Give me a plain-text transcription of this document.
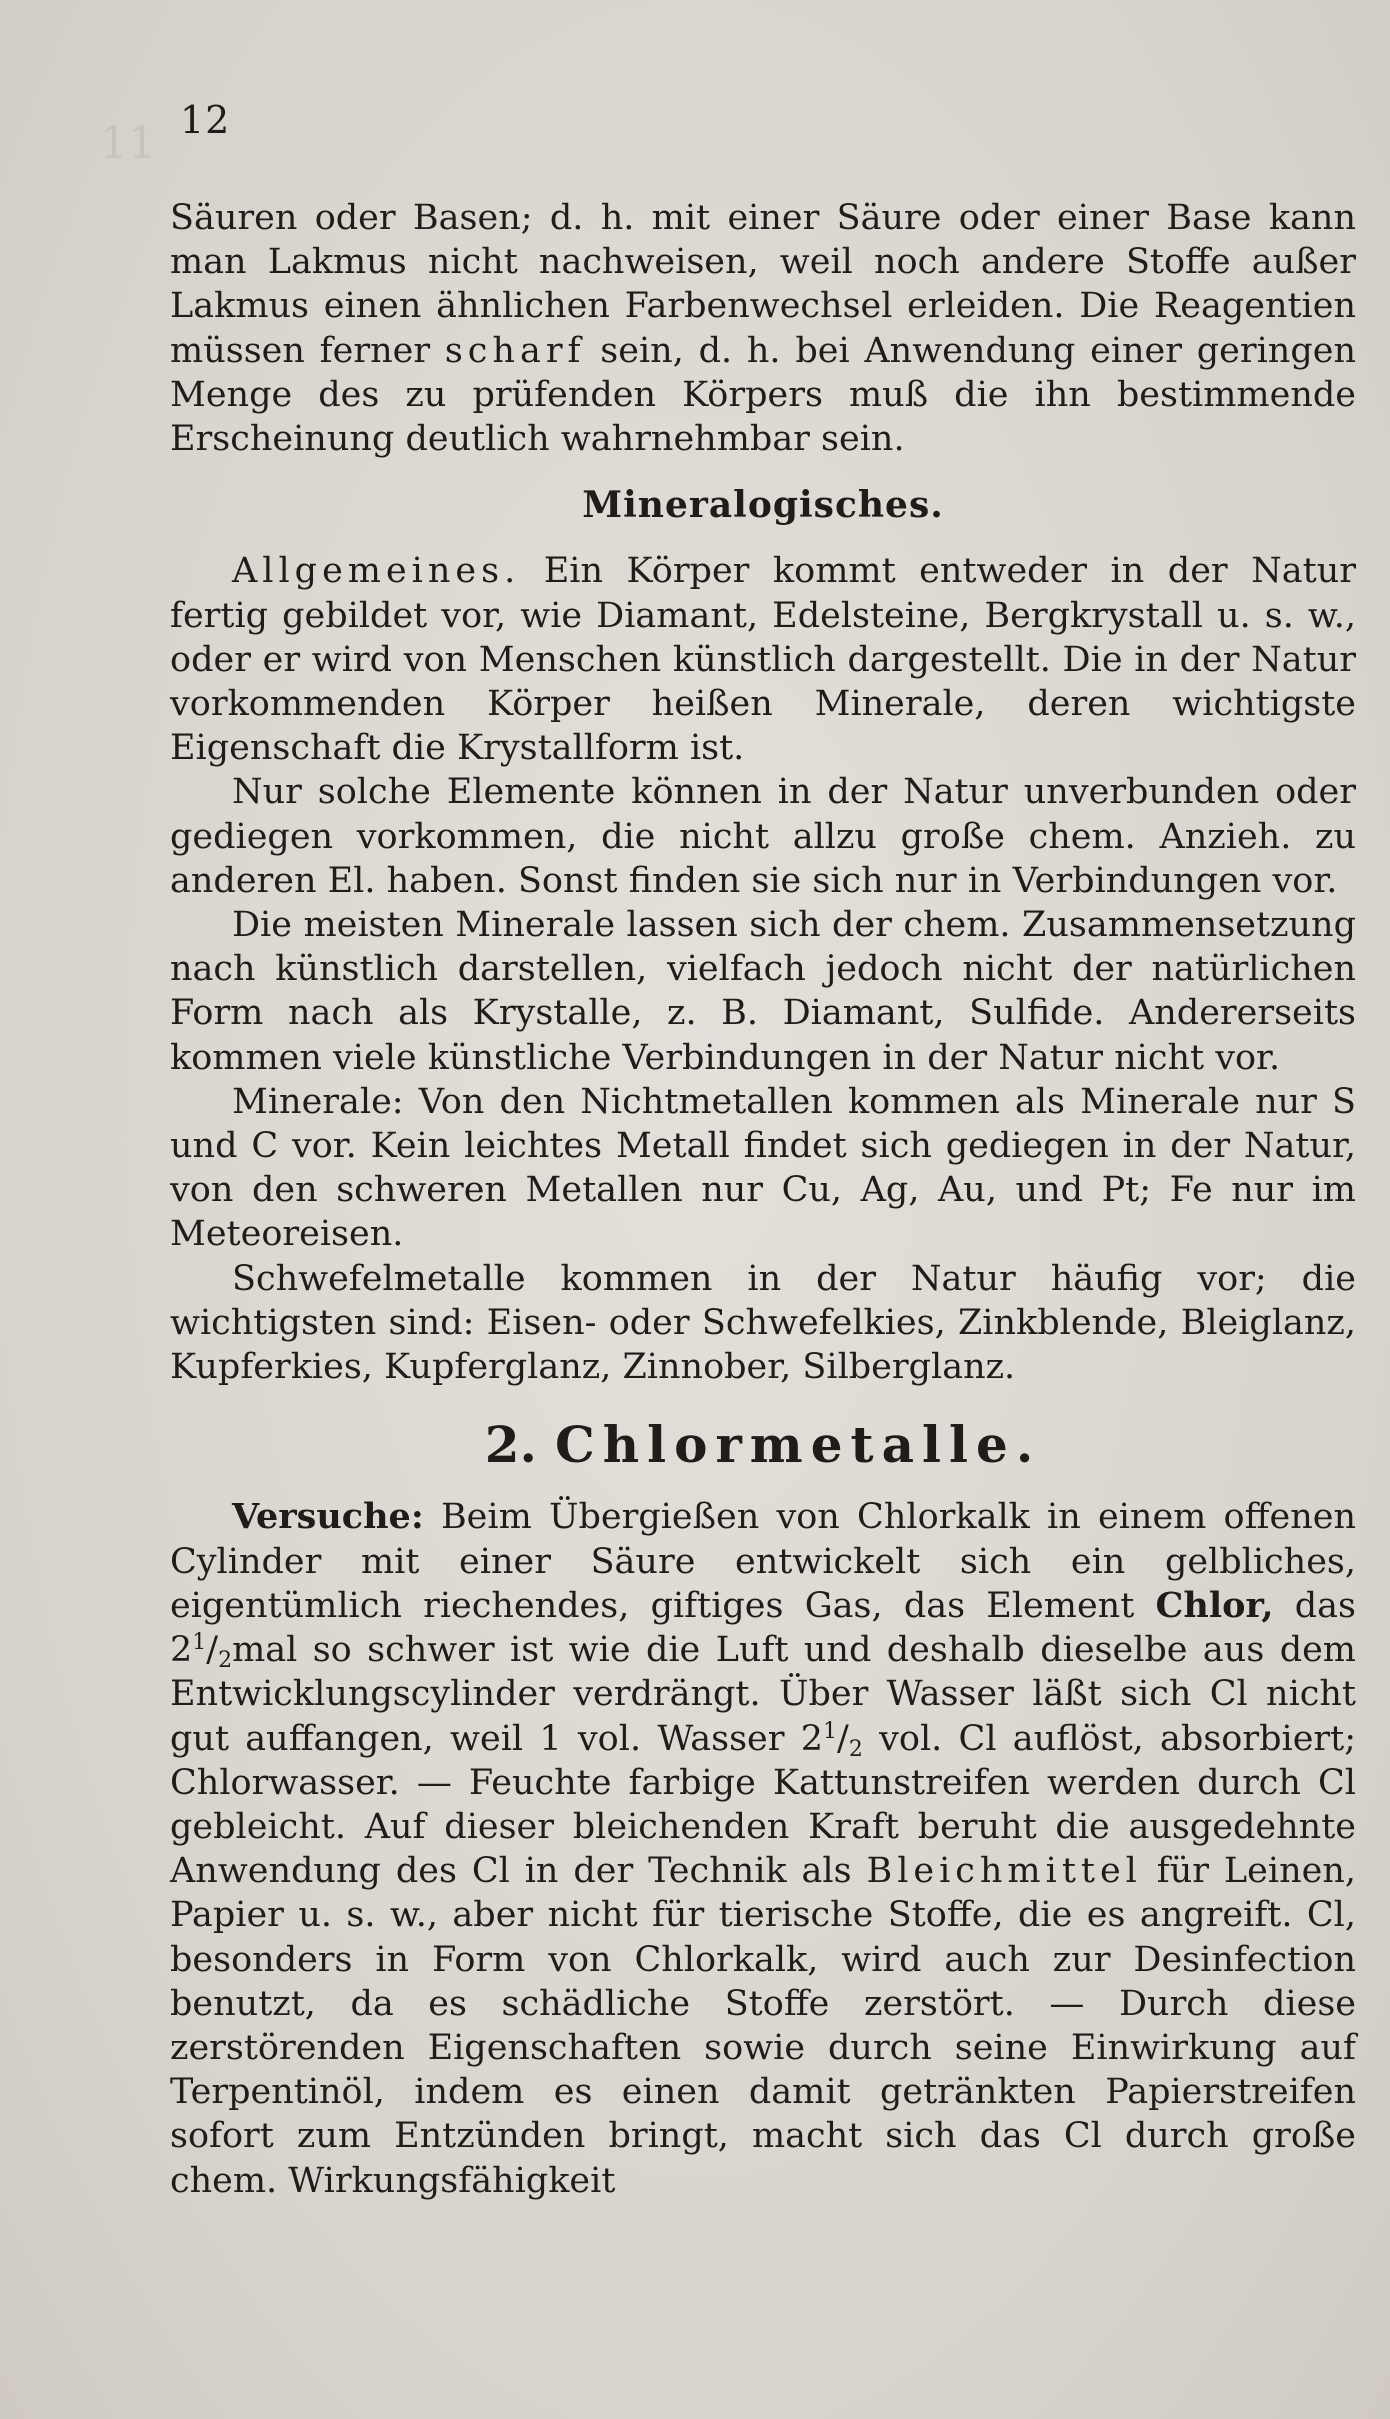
11 12

Säuren oder Basen; d. h. mit einer Säure oder einer Base kann man Lakmus nicht nachweisen, weil noch andere Stoffe außer Lakmus einen ähnlichen Farbenwechsel erleiden. Die Reagentien müssen ferner scharf sein, d. h. bei Anwendung einer geringen Menge des zu prüfenden Körpers muß die ihn bestimmende Erscheinung deutlich wahrnehmbar sein.

Mineralogisches.

Allgemeines. Ein Körper kommt entweder in der Natur fertig gebildet vor, wie Diamant, Edelsteine, Bergkrystall u. s. w., oder er wird von Menschen künstlich dargestellt. Die in der Natur vorkommenden Körper heißen Minerale, deren wichtigste Eigenschaft die Krystallform ist.

Nur solche Elemente können in der Natur unverbunden oder gediegen vorkommen, die nicht allzu große chem. Anzieh. zu anderen El. haben. Sonst finden sie sich nur in Verbindungen vor.

Die meisten Minerale lassen sich der chem. Zusammensetzung nach künstlich darstellen, vielfach jedoch nicht der natürlichen Form nach als Krystalle, z. B. Diamant, Sulfide. Andererseits kommen viele künstliche Verbindungen in der Natur nicht vor.

Minerale: Von den Nichtmetallen kommen als Minerale nur S und C vor. Kein leichtes Metall findet sich gediegen in der Natur, von den schweren Metallen nur Cu, Ag, Au, und Pt; Fe nur im Meteoreisen.

Schwefelmetalle kommen in der Natur häufig vor; die wichtigsten sind: Eisen- oder Schwefelkies, Zinkblende, Bleiglanz, Kupferkies, Kupferglanz, Zinnober, Silberglanz.

2. Chlormetalle.

Versuche: Beim Übergießen von Chlorkalk in einem offenen Cylinder mit einer Säure entwickelt sich ein gelbliches, eigentümlich riechendes, giftiges Gas, das Element Chlor, das $2^1/_2mal$ so schwer ist wie die Luft und deshalb dieselbe aus dem Entwicklungscylinder verdrängt. Über Wasser läßt sich Cl nicht gut auffangen, weil 1 vol. Wasser $2^1/_2$ vol. Cl auflöst, absorbiert; Chlorwasser. — Feuchte farbige Kattunstreifen werden durch Cl gebleicht. Auf dieser bleichenden Kraft beruht die ausgedehnte Anwendung des Cl in der Technik als Bleichmittel für Leinen, Papier u. s. w., aber nicht für tierische Stoffe, die es angreift. Cl, besonders in Form von Chlorkalk, wird auch zur Desinfection benutzt, da es schädliche Stoffe zerstört. — Durch diese zerstörenden Eigenschaften sowie durch seine Einwirkung auf Terpentinöl, indem es einen damit getränkten Papierstreifen sofort zum Entzünden bringt, macht sich das Cl durch große chem. Wirkungsfähigkeit
